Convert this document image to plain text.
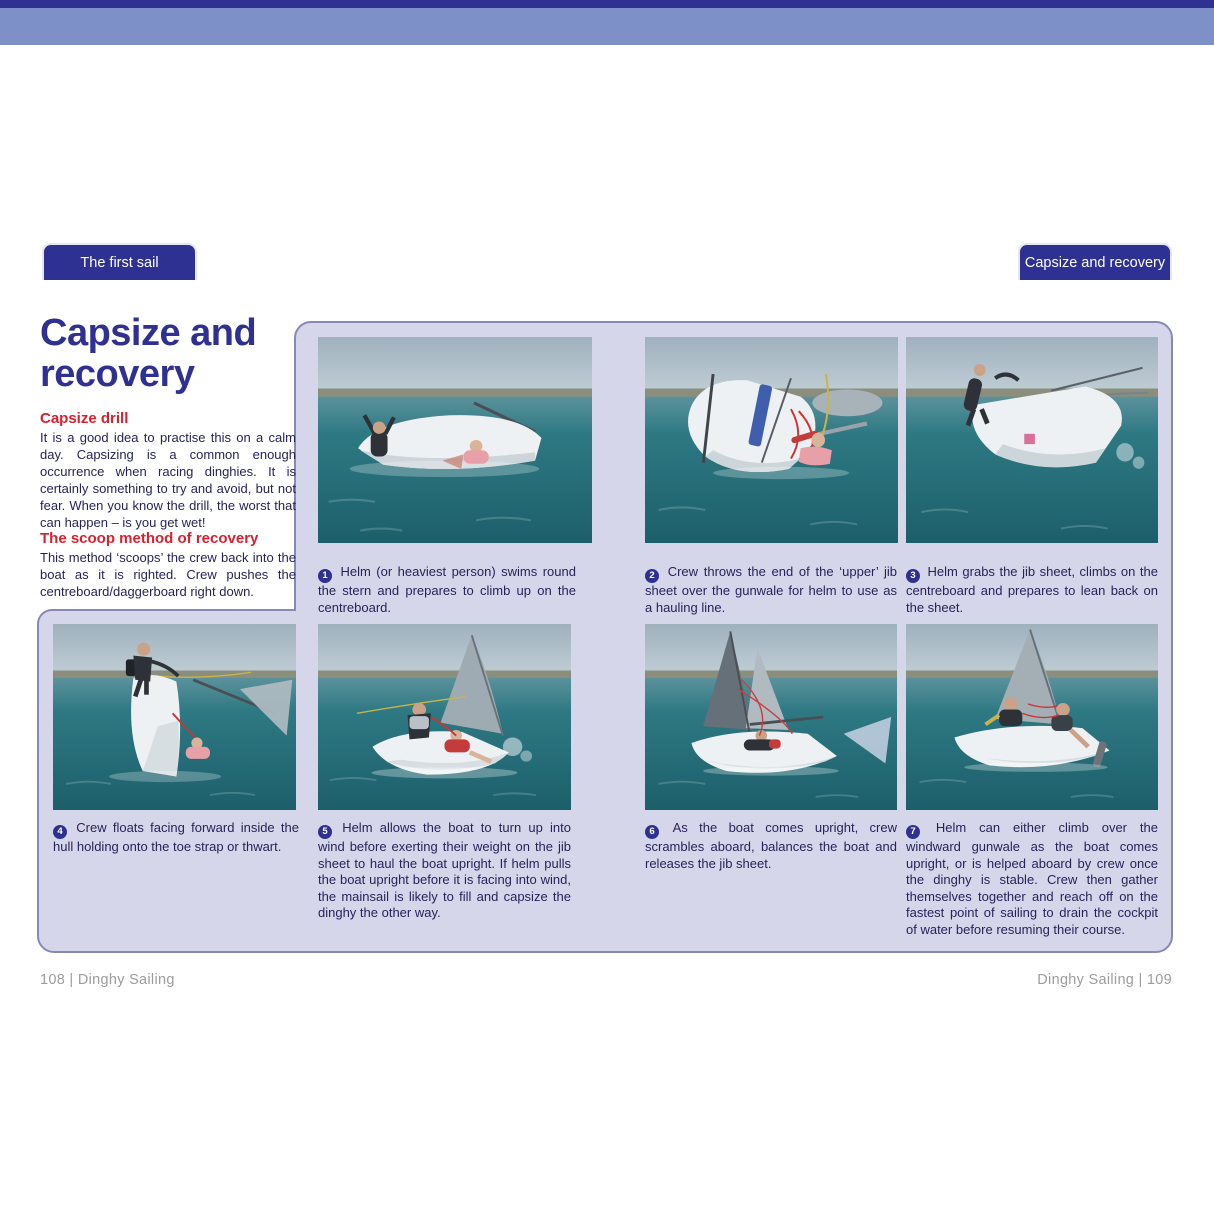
The first sail	Capsize and recovery
Capsize and
recovery
Capsize drill
It is a good idea to practise this on a calm day. Capsizing is a common enough occurrence when racing dinghies. It is certainly something to try and avoid, but not fear. When you know the drill, the worst that can happen – is you get wet!
The scoop method of recovery
This method ‘scoops’ the crew back into the boat as it is righted. Crew pushes the centreboard/daggerboard right down.
1 Helm (or heaviest person) swims round the stern and prepares to climb up on the centreboard.
2 Crew throws the end of the ‘upper’ jib sheet over the gunwale for helm to use as a hauling line.
3 Helm grabs the jib sheet, climbs on the centreboard and prepares to lean back on the sheet.
4 Crew floats facing forward inside the hull holding onto the toe strap or thwart.
5 Helm allows the boat to turn up into wind before exerting their weight on the jib sheet to haul the boat upright. If helm pulls the boat upright before it is facing into wind, the mainsail is likely to fill and capsize the dinghy the other way.
6 As the boat comes upright, crew scrambles aboard, balances the boat and releases the jib sheet.
7 Helm can either climb over the windward gunwale as the boat comes upright, or is helped aboard by crew once the dinghy is stable. Crew then gather themselves together and reach off on the fastest point of sailing to drain the cockpit of water before resuming their course.
108 | Dinghy Sailing	Dinghy Sailing | 109
